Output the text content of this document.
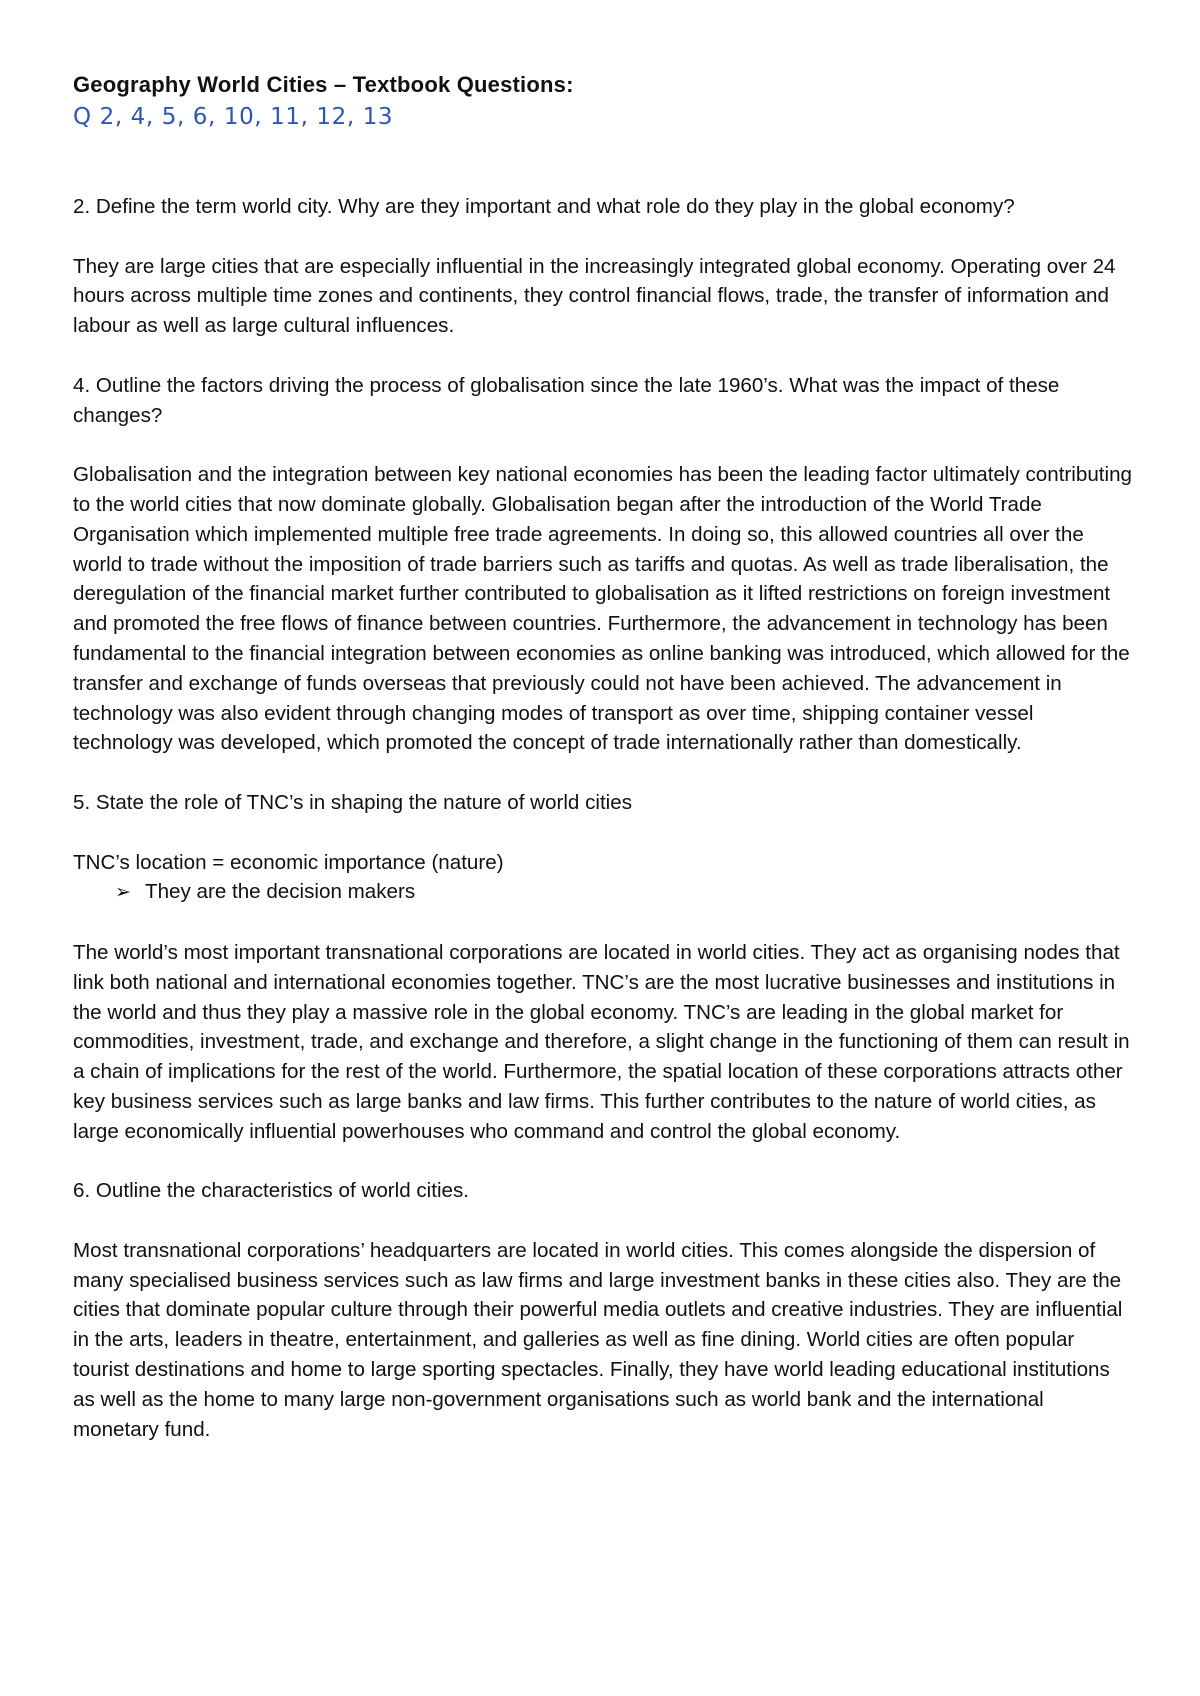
Geography World Cities – Textbook Questions:
Q 2, 4, 5, 6, 10, 11, 12, 13

2. Define the term world city. Why are they important and what role do they play in the global economy?

They are large cities that are especially influential in the increasingly integrated global economy. Operating over 24 hours across multiple time zones and continents, they control financial flows, trade, the transfer of information and labour as well as large cultural influences.

4. Outline the factors driving the process of globalisation since the late 1960’s. What was the impact of these changes?

Globalisation and the integration between key national economies has been the leading factor ultimately contributing to the world cities that now dominate globally. Globalisation began after the introduction of the World Trade Organisation which implemented multiple free trade agreements. In doing so, this allowed countries all over the world to trade without the imposition of trade barriers such as tariffs and quotas. As well as trade liberalisation, the deregulation of the financial market further contributed to globalisation as it lifted restrictions on foreign investment and promoted the free flows of finance between countries. Furthermore, the advancement in technology has been fundamental to the financial integration between economies as online banking was introduced, which allowed for the transfer and exchange of funds overseas that previously could not have been achieved. The advancement in technology was also evident through changing modes of transport as over time, shipping container vessel technology was developed, which promoted the concept of trade internationally rather than domestically.

5. State the role of TNC’s in shaping the nature of world cities

TNC’s location = economic importance (nature)

➢ They are the decision makers

The world’s most important transnational corporations are located in world cities. They act as organising nodes that link both national and international economies together. TNC’s are the most lucrative businesses and institutions in the world and thus they play a massive role in the global economy. TNC’s are leading in the global market for commodities, investment, trade, and exchange and therefore, a slight change in the functioning of them can result in a chain of implications for the rest of the world. Furthermore, the spatial location of these corporations attracts other key business services such as large banks and law firms. This further contributes to the nature of world cities, as large economically influential powerhouses who command and control the global economy.

6. Outline the characteristics of world cities.

Most transnational corporations’ headquarters are located in world cities. This comes alongside the dispersion of many specialised business services such as law firms and large investment banks in these cities also. They are the cities that dominate popular culture through their powerful media outlets and creative industries. They are influential in the arts, leaders in theatre, entertainment, and galleries as well as fine dining. World cities are often popular tourist destinations and home to large sporting spectacles. Finally, they have world leading educational institutions as well as the home to many large non-government organisations such as world bank and the international monetary fund.
